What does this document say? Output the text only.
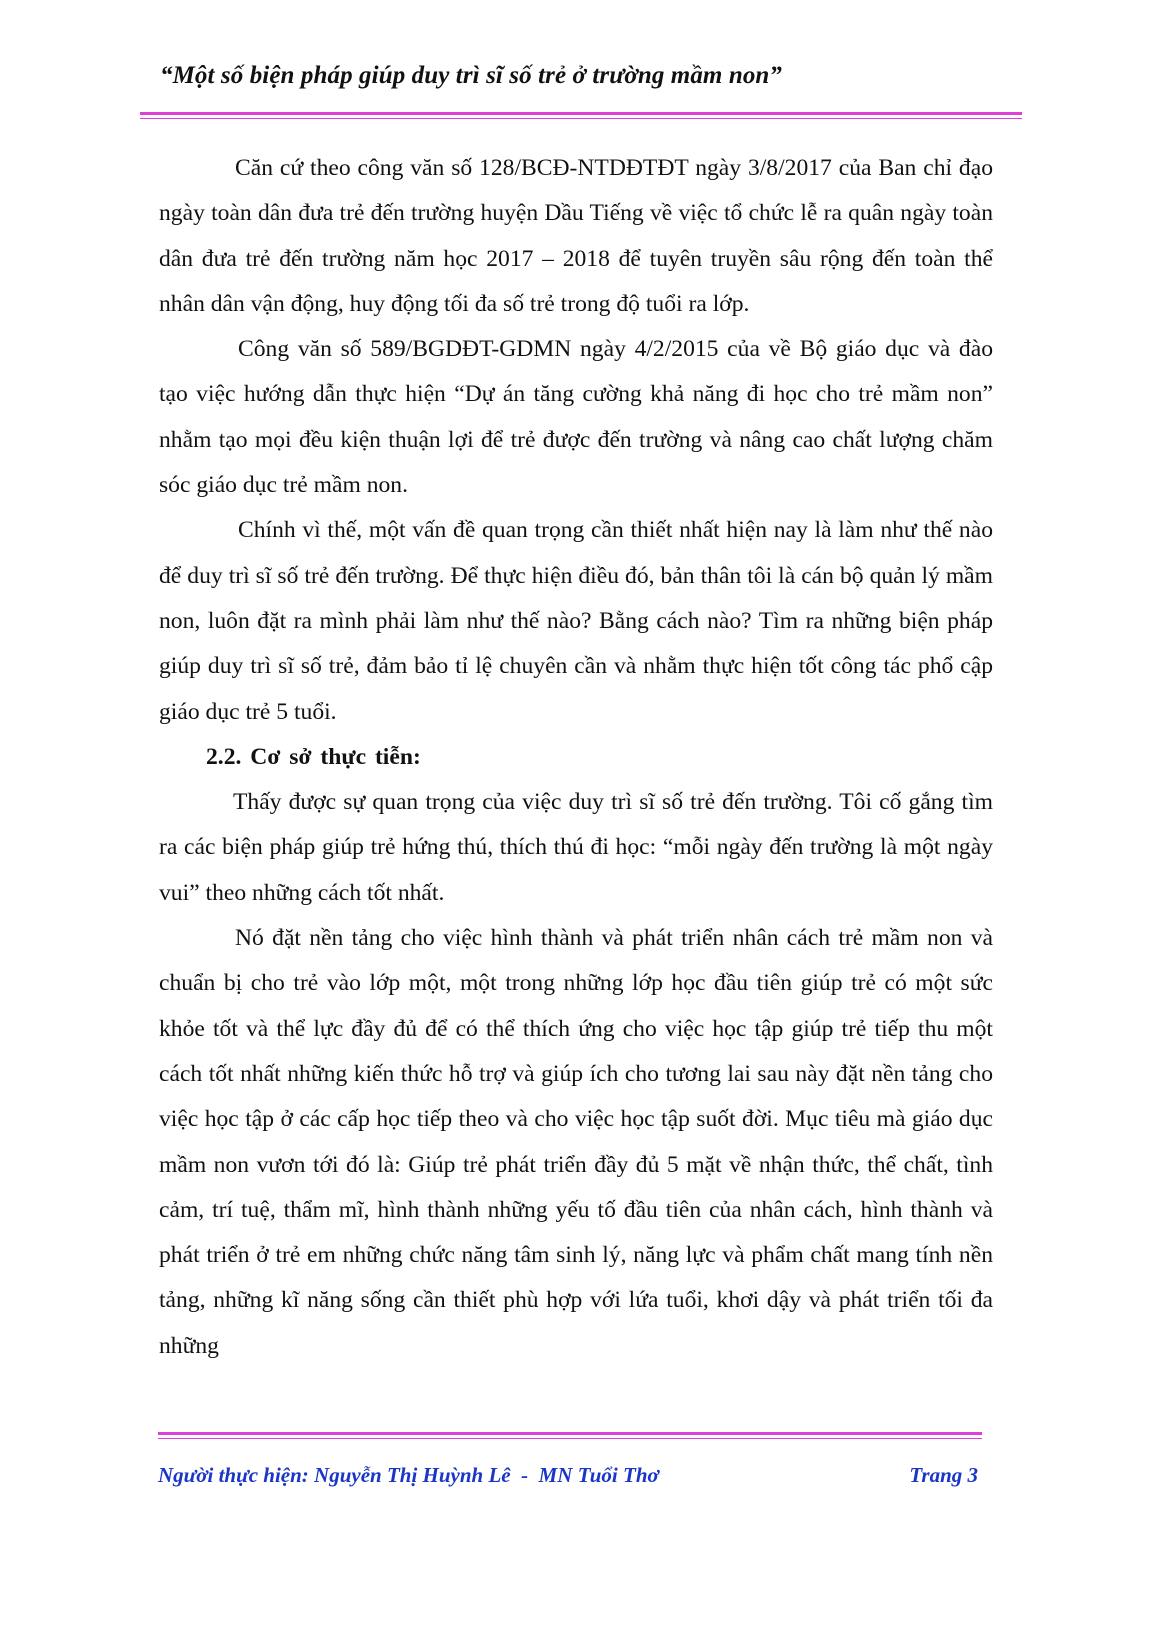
“Một số biện pháp giúp duy trì sĩ số trẻ ở trường mầm non”

Căn cứ theo công văn số 128/BCĐ-NTDĐTĐT ngày 3/8/2017 của Ban chỉ đạo ngày toàn dân đưa trẻ đến trường huyện Dầu Tiếng về việc tổ chức lễ ra quân ngày toàn dân đưa trẻ đến trường năm học 2017 – 2018 để tuyên truyền sâu rộng đến toàn thể nhân dân vận động, huy động tối đa số trẻ trong độ tuổi ra lớp.

Công văn số 589/BGDĐT-GDMN ngày 4/2/2015 của về Bộ giáo dục và đào tạo việc hướng dẫn thực hiện “Dự án tăng cường khả năng đi học cho trẻ mầm non” nhằm tạo mọi đều kiện thuận lợi để trẻ được đến trường và nâng cao chất lượng chăm sóc giáo dục trẻ mầm non.

Chính vì thế, một vấn đề quan trọng cần thiết nhất hiện nay là làm như thế nào để duy trì sĩ số trẻ đến trường. Để thực hiện điều đó, bản thân tôi là cán bộ quản lý mầm non, luôn đặt ra mình phải làm như thế nào? Bằng cách nào? Tìm ra những biện pháp giúp duy trì sĩ số trẻ, đảm bảo tỉ lệ chuyên cần và nhằm thực hiện tốt công tác phổ cập giáo dục trẻ 5 tuổi.

2.2. Cơ sở thực tiễn:

Thấy được sự quan trọng của việc duy trì sĩ số trẻ đến trường. Tôi cố gắng tìm ra các biện pháp giúp trẻ hứng thú, thích thú đi học: “mỗi ngày đến trường là một ngày vui” theo những cách tốt nhất.

Nó đặt nền tảng cho việc hình thành và phát triển nhân cách trẻ mầm non và chuẩn bị cho trẻ vào lớp một, một trong những lớp học đầu tiên giúp trẻ có một sức khỏe tốt và thể lực đầy đủ để có thể thích ứng cho việc học tập giúp trẻ tiếp thu một cách tốt nhất những kiến thức hỗ trợ và giúp ích cho tương lai sau này đặt nền tảng cho việc học tập ở các cấp học tiếp theo và cho việc học tập suốt đời. Mục tiêu mà giáo dục mầm non vươn tới đó là: Giúp trẻ phát triển đầy đủ 5 mặt về nhận thức, thể chất, tình cảm, trí tuệ, thẩm mĩ, hình thành những yếu tố đầu tiên của nhân cách, hình thành và phát triển ở trẻ em những chức năng tâm sinh lý, năng lực và phẩm chất mang tính nền tảng, những kĩ năng sống cần thiết phù hợp với lứa tuổi, khơi dậy và phát triển tối đa những

Người thực hiện: Nguyễn Thị Huỳnh Lê  -  MN Tuổi Thơ	Trang 3
